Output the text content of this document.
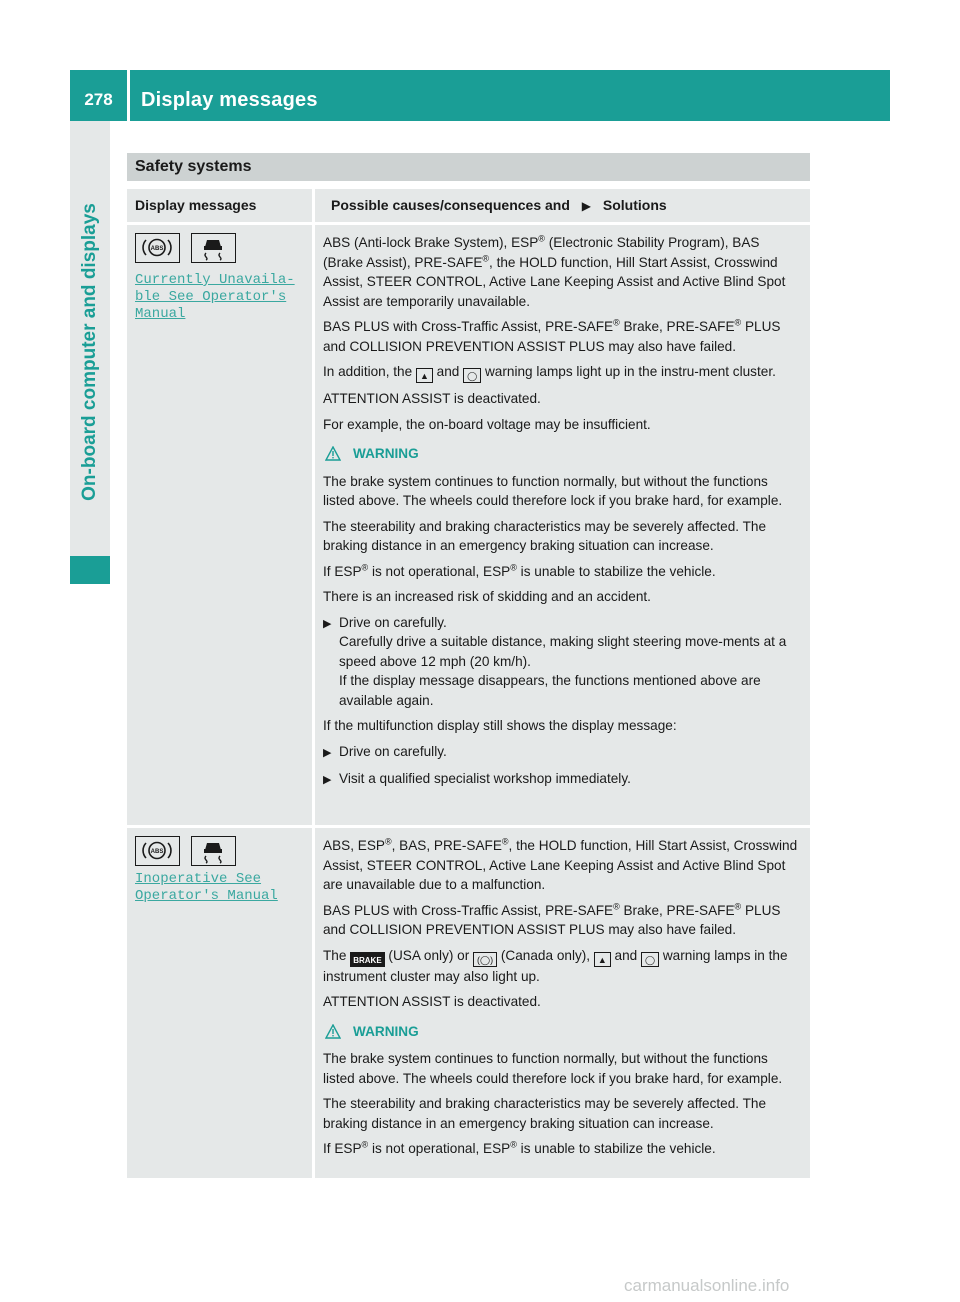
278	Display messages
On-board computer and displays
Safety systems
Display messages	Possible causes/consequences and ▶ Solutions
ABS

Currently Unavaila‐
ble See Operator's
Manual

ABS (Anti-lock Brake System), ESP® (Electronic Stability Program), BAS (Brake Assist), PRE-SAFE®, the HOLD function, Hill Start Assist, Crosswind Assist, STEER CONTROL, Active Lane Keeping Assist and Active Blind Spot Assist are temporarily unavailable.

BAS PLUS with Cross-Traffic Assist, PRE-SAFE® Brake, PRE-SAFE® PLUS and COLLISION PREVENTION ASSIST PLUS may also have failed.

In addition, the ▲ and ◯ warning lamps light up in the instru-ment cluster.

ATTENTION ASSIST is deactivated.

For example, the on-board voltage may be insufficient.

WARNING

The brake system continues to function normally, but without the functions listed above. The wheels could therefore lock if you brake hard, for example.

The steerability and braking characteristics may be severely affected. The braking distance in an emergency braking situation can increase.

If ESP® is not operational, ESP® is unable to stabilize the vehicle.

There is an increased risk of skidding and an accident.

▶ Drive on carefully.
Carefully drive a suitable distance, making slight steering move-ments at a speed above 12 mph (20 km/h).
If the display message disappears, the functions mentioned above are available again.

If the multifunction display still shows the display message:

▶ Drive on carefully.
▶ Visit a qualified specialist workshop immediately.
ABS

Inoperative See
Operator's Manual

ABS, ESP®, BAS, PRE-SAFE®, the HOLD function, Hill Start Assist, Crosswind Assist, STEER CONTROL, Active Lane Keeping Assist and Active Blind Spot are unavailable due to a malfunction.

BAS PLUS with Cross-Traffic Assist, PRE-SAFE® Brake, PRE-SAFE® PLUS and COLLISION PREVENTION ASSIST PLUS may also have failed.

The BRAKE (USA only) or (◯) (Canada only), ▲ and ◯ warning lamps in the instrument cluster may also light up.

ATTENTION ASSIST is deactivated.

WARNING

The brake system continues to function normally, but without the functions listed above. The wheels could therefore lock if you brake hard, for example.

The steerability and braking characteristics may be severely affected. The braking distance in an emergency braking situation can increase.

If ESP® is not operational, ESP® is unable to stabilize the vehicle.

carmanualsonline.info
